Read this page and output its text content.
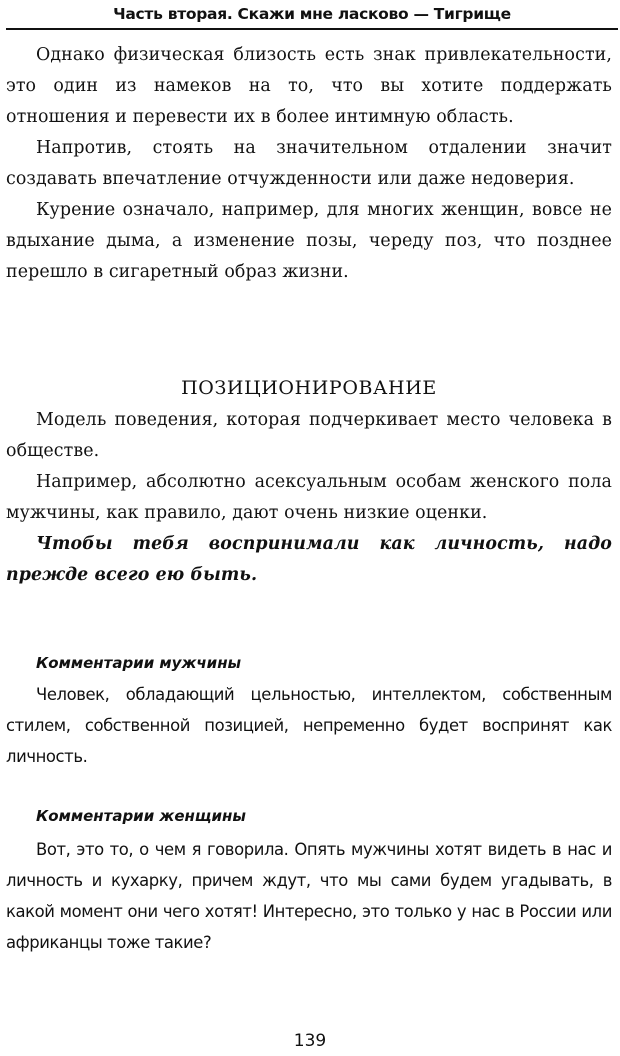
Часть вторая. Скажи мне ласково — Тигрище

Однако физическая близость есть знак привлекательности, это один из намеков на то, что вы хотите поддержать отношения и перевести их в более интимную область.

Напротив, стоять на значительном отдалении значит создавать впечатление отчужденности или даже недоверия.

Курение означало, например, для многих женщин, вовсе не вдыхание дыма, а изменение позы, череду поз, что позднее перешло в сигаретный образ жизни.

ПОЗИЦИОНИРОВАНИЕ

Модель поведения, которая подчеркивает место человека в обществе.

Например, абсолютно асексуальным особам женского пола мужчины, как правило, дают очень низкие оценки.

Чтобы тебя воспринимали как личность, надо прежде всего ею быть.

Комментарии мужчины

Человек, обладающий цельностью, интеллектом, собственным стилем, собственной позицией, непременно будет воспринят как личность.

Комментарии женщины

Вот, это то, о чем я говорила. Опять мужчины хотят видеть в нас и личность и кухарку, причем ждут, что мы сами будем угадывать, в какой момент они чего хотят! Интересно, это только у нас в России или африканцы тоже такие?

139
